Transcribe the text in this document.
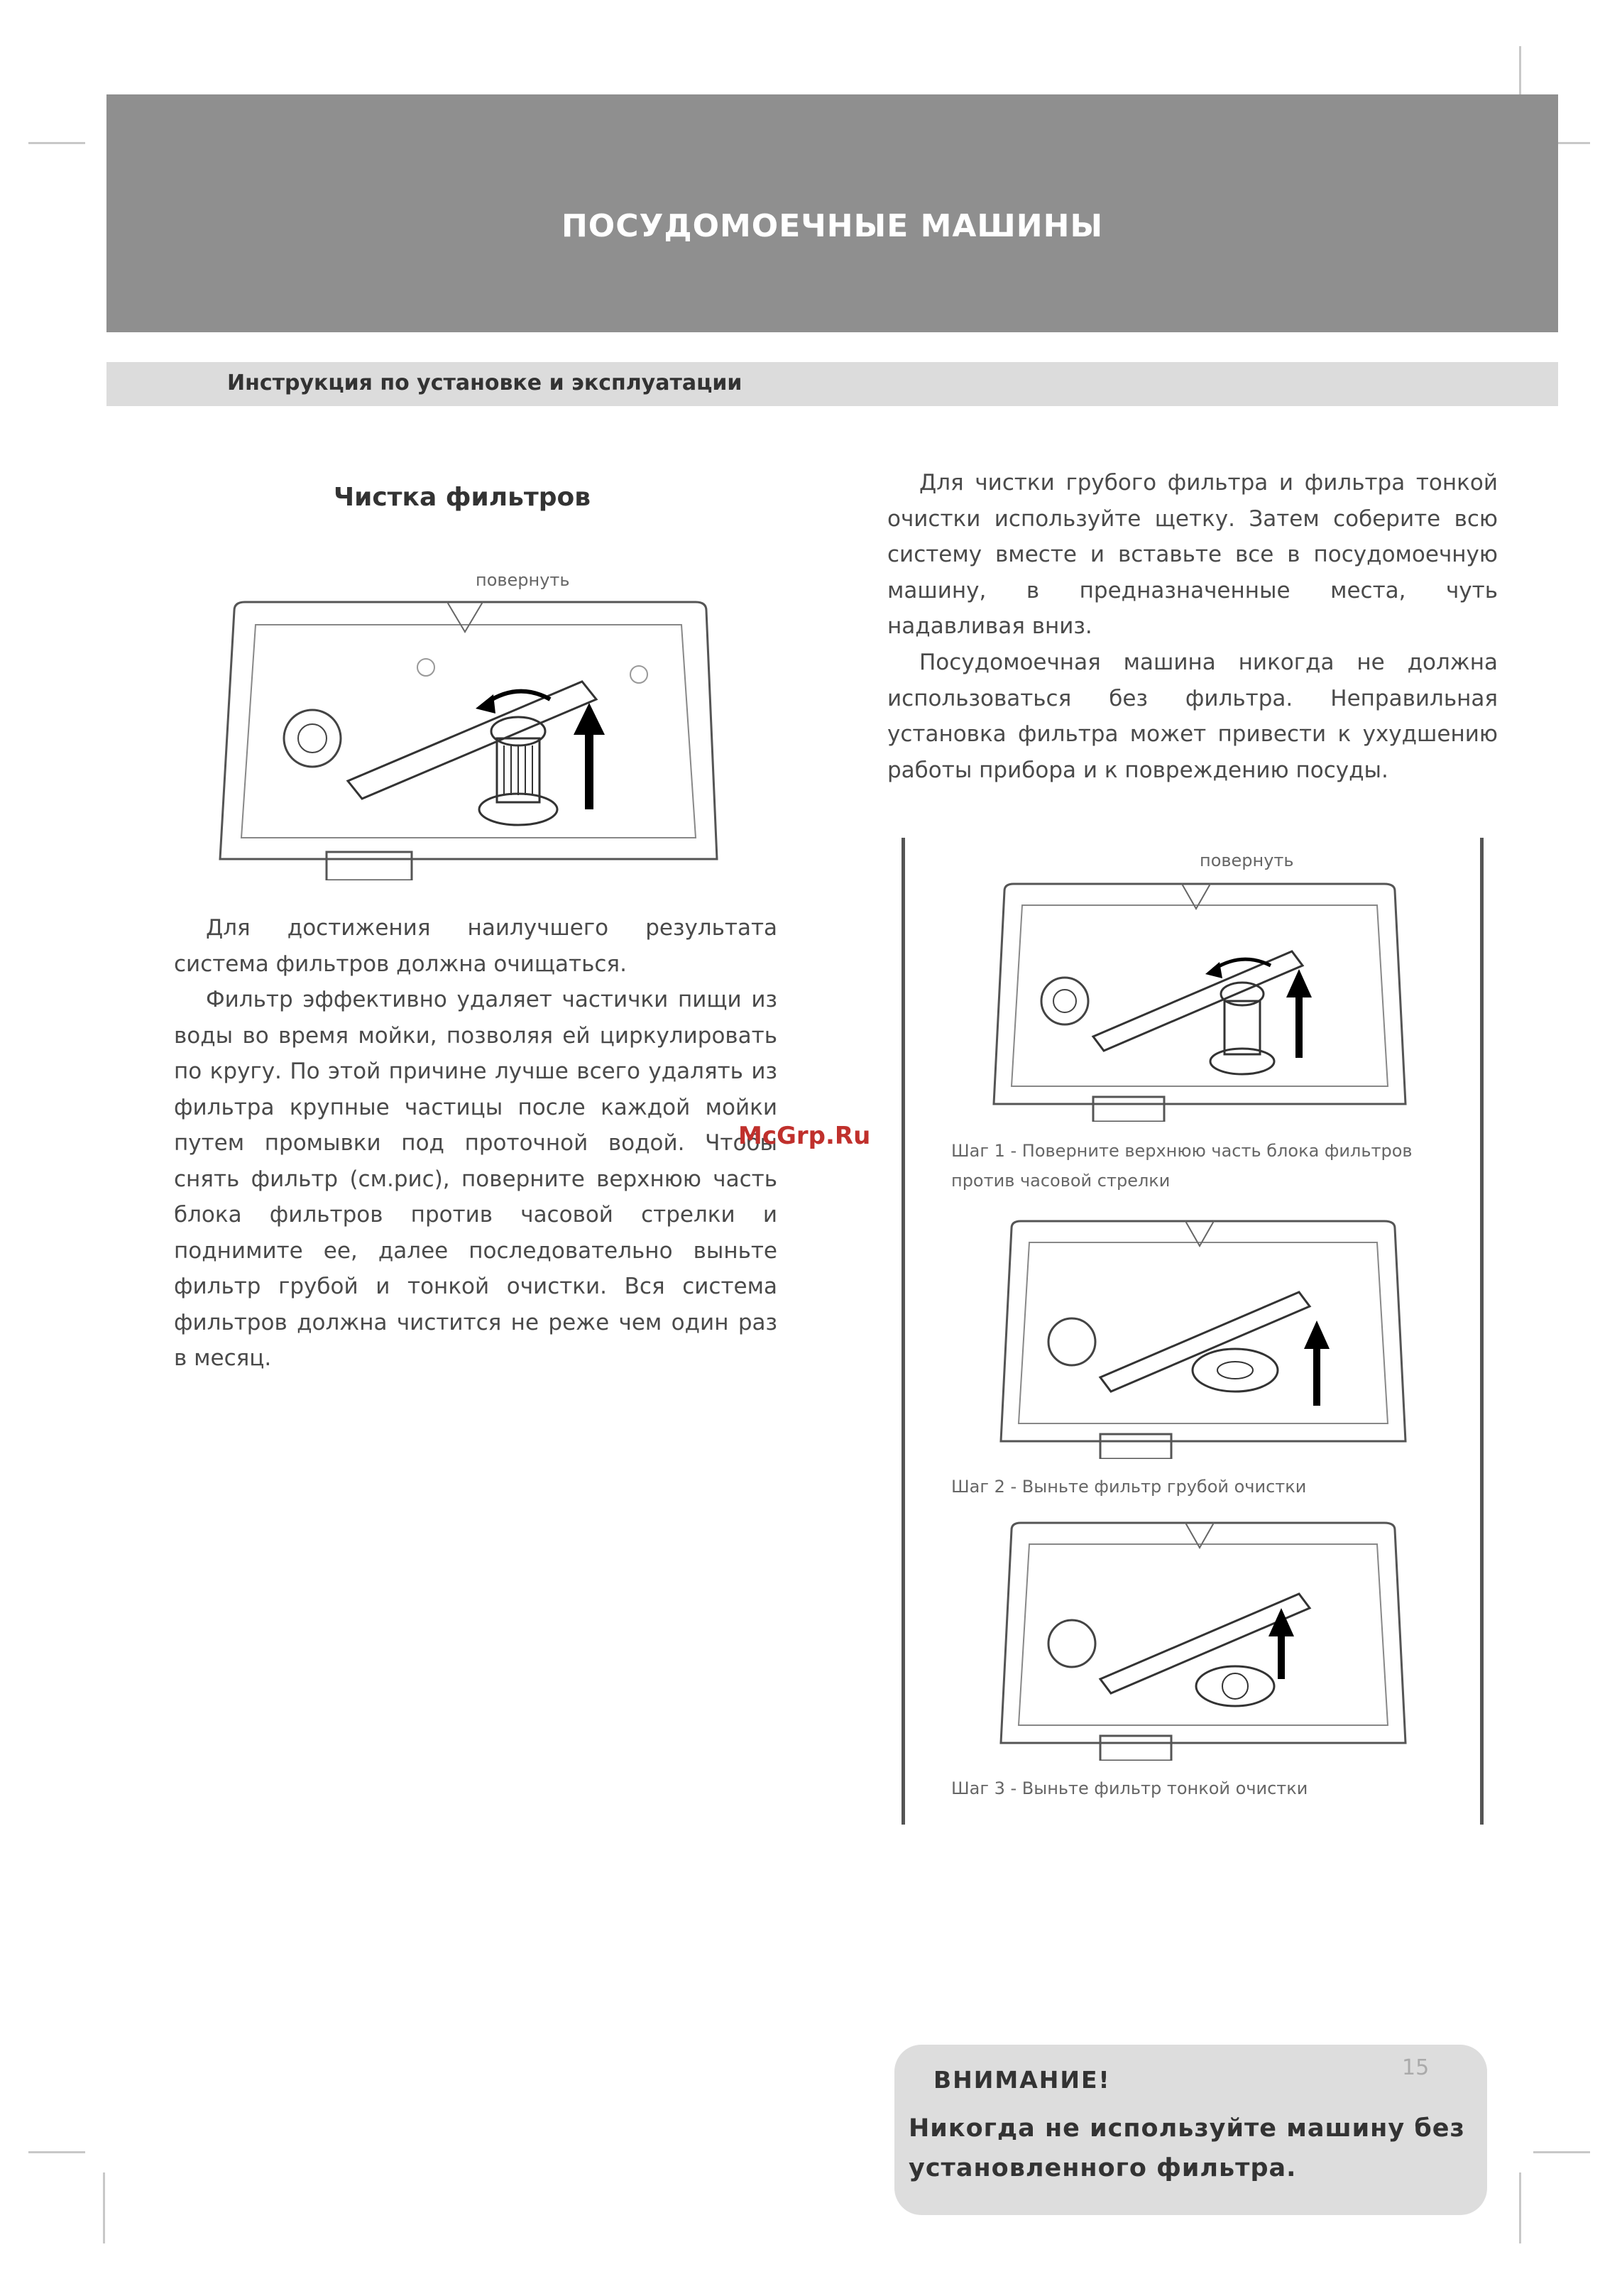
ПОСУДОМОЕЧНЫЕ МАШИНЫ
Инструкция по установке и эксплуатации
Чистка фильтров
повернуть

Для достижения наилучшего результата система фильтров должна очищаться.

Фильтр эффективно удаляет частички пищи из воды во время мойки, позволяя ей циркулировать по кругу. По этой причине лучше всего удалять из фильтра крупные частицы после каждой мойки путем промывки под проточной водой. Чтобы снять фильтр (см.рис), поверните верхнюю часть блока фильтров против часовой стрелки и поднимите ее, далее последовательно выньте фильтр грубой и тонкой очистки. Вся система фильтров должна чистится не реже чем один раз в месяц.

McGrp.Ru

Для чистки грубого фильтра и фильтра тонкой очистки используйте щетку. Затем соберите всю систему вместе и вставьте все в посудомоечную машину, в предназначенные места, чуть надавливая вниз.

Посудомоечная машина никогда не должна использоваться без фильтра. Неправильная установка фильтра может привести к ухудшению работы прибора и к повреждению посуды.

повернуть
Шаг 1 - Поверните верхнюю часть блока фильтров против часовой стрелки
Шаг 2 - Выньте фильтр грубой очистки
Шаг 3 - Выньте фильтр тонкой очистки
ВНИМАНИЕ!
Никогда не используйте машину без установленного фильтра.
15
